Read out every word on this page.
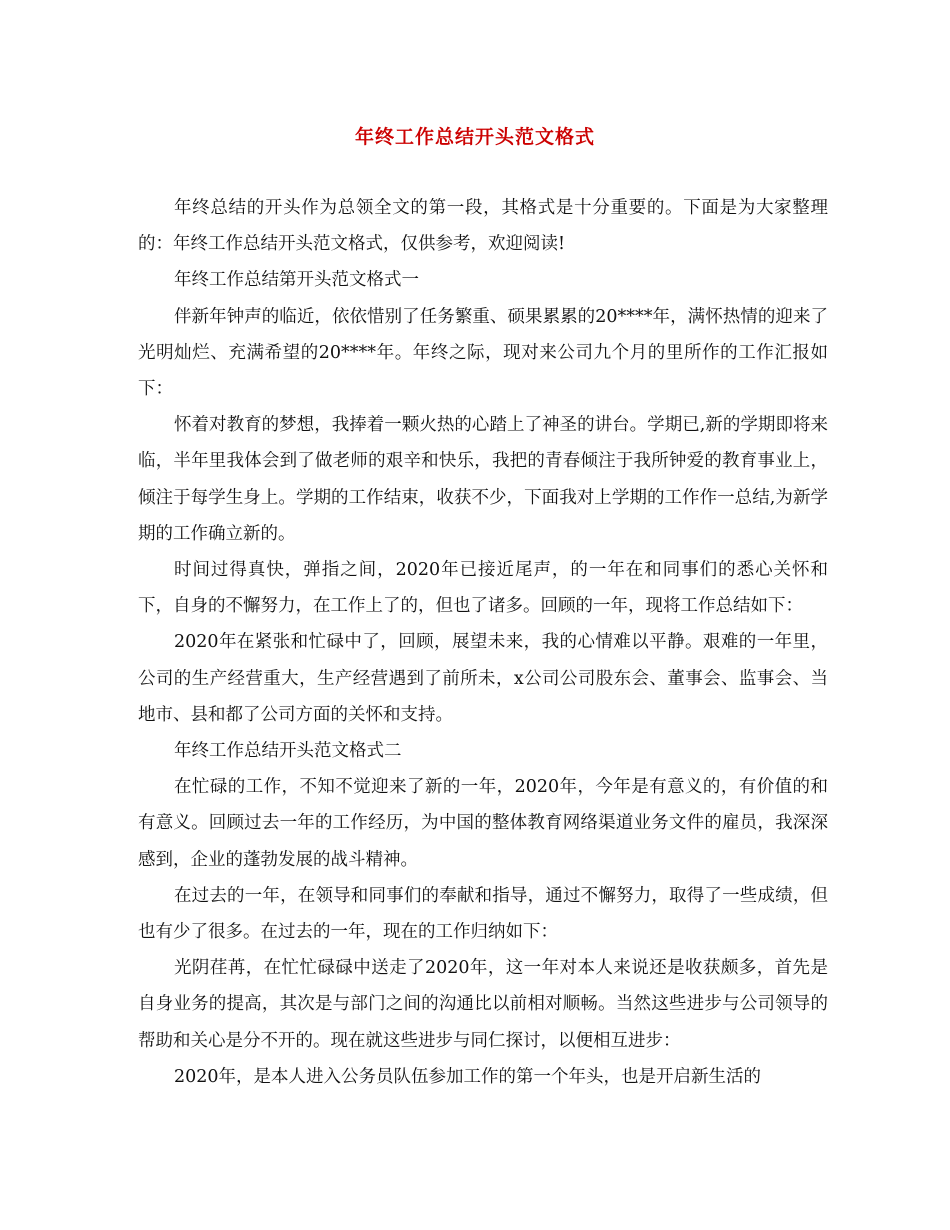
年终工作总结开头范文格式

年终总结的开头作为总领全文的第一段，其格式是十分重要的。下面是为大家整理的：年终工作总结开头范文格式，仅供参考，欢迎阅读!

年终工作总结第开头范文格式一

伴新年钟声的临近，依依惜别了任务繁重、硕果累累的20****年，满怀热情的迎来了光明灿烂、充满希望的20****年。年终之际，现对来公司九个月的里所作的工作汇报如下：

怀着对教育的梦想，我捧着一颗火热的心踏上了神圣的讲台。学期已,新的学期即将来临，半年里我体会到了做老师的艰辛和快乐，我把的青春倾注于我所钟爱的教育事业上，倾注于每学生身上。学期的工作结束，收获不少，下面我对上学期的工作作一总结,为新学期的工作确立新的。

时间过得真快，弹指之间，2020年已接近尾声，的一年在和同事们的悉心关怀和下，自身的不懈努力，在工作上了的，但也了诸多。回顾的一年，现将工作总结如下：

2020年在紧张和忙碌中了，回顾，展望未来，我的心情难以平静。艰难的一年里，公司的生产经营重大，生产经营遇到了前所未，x公司公司股东会、董事会、监事会、当地市、县和都了公司方面的关怀和支持。

年终工作总结开头范文格式二

在忙碌的工作，不知不觉迎来了新的一年，2020年，今年是有意义的，有价值的和有意义。回顾过去一年的工作经历，为中国的整体教育网络渠道业务文件的雇员，我深深感到，企业的蓬勃发展的战斗精神。

在过去的一年，在领导和同事们的奉献和指导，通过不懈努力，取得了一些成绩，但也有少了很多。在过去的一年，现在的工作归纳如下：

光阴荏苒，在忙忙碌碌中送走了2020年，这一年对本人来说还是收获颇多，首先是自身业务的提高，其次是与部门之间的沟通比以前相对顺畅。当然这些进步与公司领导的帮助和关心是分不开的。现在就这些进步与同仁探讨，以便相互进步：

2020年，是本人进入公务员队伍参加工作的第一个年头，也是开启新生活的
